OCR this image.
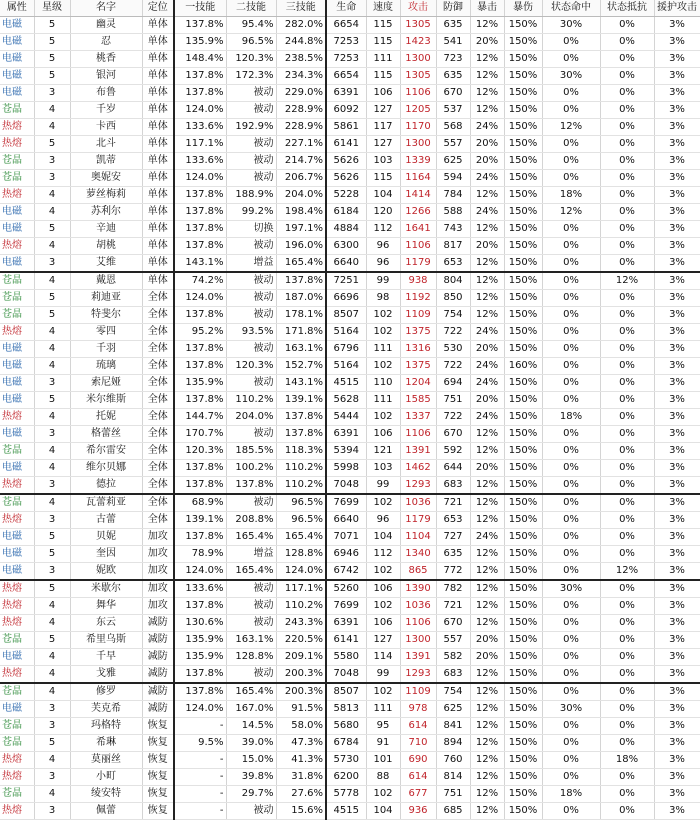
属性	星级	名字	定位	一技能	二技能	三技能	生命	速度	攻击	防御	暴击	暴伤	状态命中	状态抵抗	援护攻击
电磁	5	幽灵	单体	137.8%	95.4%	282.0%	6654	115	1305	635	12%	150%	30%	0%	3%
电磁	5	忍	单体	135.9%	96.5%	244.8%	7253	115	1423	541	20%	150%	0%	0%	3%
电磁	5	桃香	单体	148.4%	120.3%	238.5%	7253	111	1300	723	12%	150%	0%	0%	3%
电磁	5	银河	单体	137.8%	172.3%	234.3%	6654	115	1305	635	12%	150%	30%	0%	3%
电磁	3	布鲁	单体	137.8%	被动	229.0%	6391	106	1106	670	12%	150%	0%	0%	3%
苍晶	4	千岁	单体	124.0%	被动	228.9%	6092	127	1205	537	12%	150%	0%	0%	3%
热熔	4	卡西	单体	133.6%	192.9%	228.9%	5861	117	1170	568	24%	150%	12%	0%	3%
热熔	5	北斗	单体	117.1%	被动	227.1%	6141	127	1300	557	20%	150%	0%	0%	3%
苍晶	3	凯蒂	单体	133.6%	被动	214.7%	5626	103	1339	625	20%	150%	0%	0%	3%
苍晶	3	奥妮安	单体	124.0%	被动	206.7%	5626	115	1164	594	24%	150%	0%	0%	3%
热熔	4	萝丝梅莉	单体	137.8%	188.9%	204.0%	5228	104	1414	784	12%	150%	18%	0%	3%
电磁	4	苏利尔	单体	137.8%	99.2%	198.4%	6184	120	1266	588	24%	150%	12%	0%	3%
电磁	5	辛迪	单体	137.8%	切换	197.1%	4884	112	1641	743	12%	150%	0%	0%	3%
热熔	4	胡桃	单体	137.8%	被动	196.0%	6300	96	1106	817	20%	150%	0%	0%	3%
电磁	3	艾维	单体	143.1%	增益	165.4%	6640	96	1179	653	12%	150%	0%	0%	3%
苍晶	4	戴恩	单体	74.2%	被动	137.8%	7251	99	938	804	12%	150%	0%	12%	3%
苍晶	5	莉迪亚	全体	124.0%	被动	187.0%	6696	98	1192	850	12%	150%	0%	0%	3%
苍晶	5	特斐尔	全体	137.8%	被动	178.1%	8507	102	1109	754	12%	150%	0%	0%	3%
热熔	4	零四	全体	95.2%	93.5%	171.8%	5164	102	1375	722	24%	150%	0%	0%	3%
电磁	4	千羽	全体	137.8%	被动	163.1%	6796	111	1316	530	20%	150%	0%	0%	3%
电磁	4	琉璃	全体	137.8%	120.3%	152.7%	5164	102	1375	722	24%	160%	0%	0%	3%
电磁	3	索尼娅	全体	135.9%	被动	143.1%	4515	110	1204	694	24%	150%	0%	0%	3%
电磁	5	米尔维斯	全体	137.8%	110.2%	139.1%	5628	111	1585	751	20%	150%	0%	0%	3%
热熔	4	托妮	全体	144.7%	204.0%	137.8%	5444	102	1337	722	24%	150%	18%	0%	3%
电磁	3	格蕾丝	全体	170.7%	被动	137.8%	6391	106	1106	670	12%	150%	0%	0%	3%
苍晶	4	希尔雷安	全体	120.3%	185.5%	118.3%	5394	121	1391	592	12%	150%	0%	0%	3%
电磁	4	维尔贝娜	全体	137.8%	100.2%	110.2%	5998	103	1462	644	20%	150%	0%	0%	3%
热熔	3	德拉	全体	137.8%	137.8%	110.2%	7048	99	1293	683	12%	150%	0%	0%	3%
苍晶	4	瓦蕾莉亚	全体	68.9%	被动	96.5%	7699	102	1036	721	12%	150%	0%	0%	3%
热熔	3	古蕾	全体	139.1%	208.8%	96.5%	6640	96	1179	653	12%	150%	0%	0%	3%
电磁	5	贝妮	加攻	137.8%	165.4%	165.4%	7071	104	1104	727	24%	150%	0%	0%	3%
电磁	5	奎因	加攻	78.9%	增益	128.8%	6946	112	1340	635	12%	150%	0%	0%	3%
电磁	3	妮欧	加攻	124.0%	165.4%	124.0%	6742	102	865	772	12%	150%	0%	12%	3%
热熔	5	米歇尔	加攻	133.6%	被动	117.1%	5260	106	1390	782	12%	150%	30%	0%	3%
热熔	4	舞华	加攻	137.8%	被动	110.2%	7699	102	1036	721	12%	150%	0%	0%	3%
热熔	4	东云	减防	130.6%	被动	243.3%	6391	106	1106	670	12%	150%	0%	0%	3%
苍晶	5	希里乌斯	减防	135.9%	163.1%	220.5%	6141	127	1300	557	20%	150%	0%	0%	3%
电磁	4	千早	减防	135.9%	128.8%	209.1%	5580	114	1391	582	20%	150%	0%	0%	3%
热熔	4	戈雅	减防	137.8%	被动	200.3%	7048	99	1293	683	12%	150%	0%	0%	3%
苍晶	4	修罗	减防	137.8%	165.4%	200.3%	8507	102	1109	754	12%	150%	0%	0%	3%
电磁	3	芙克希	减防	124.0%	167.0%	91.5%	5813	111	978	625	12%	150%	30%	0%	3%
苍晶	3	玛格特	恢复	-	14.5%	58.0%	5680	95	614	841	12%	150%	0%	0%	3%
苍晶	5	希琳	恢复	9.5%	39.0%	47.3%	6784	91	710	894	12%	150%	0%	0%	3%
热熔	4	莫丽丝	恢复	-	15.0%	41.3%	5730	101	690	760	12%	150%	0%	18%	3%
热熔	3	小町	恢复	-	39.8%	31.8%	6200	88	614	814	12%	150%	0%	0%	3%
苍晶	4	绫安特	恢复	-	29.7%	27.6%	5778	102	677	751	12%	150%	18%	0%	3%
热熔	3	佩蕾	恢复	-	被动	15.6%	4515	104	936	685	12%	150%	0%	0%	3%
